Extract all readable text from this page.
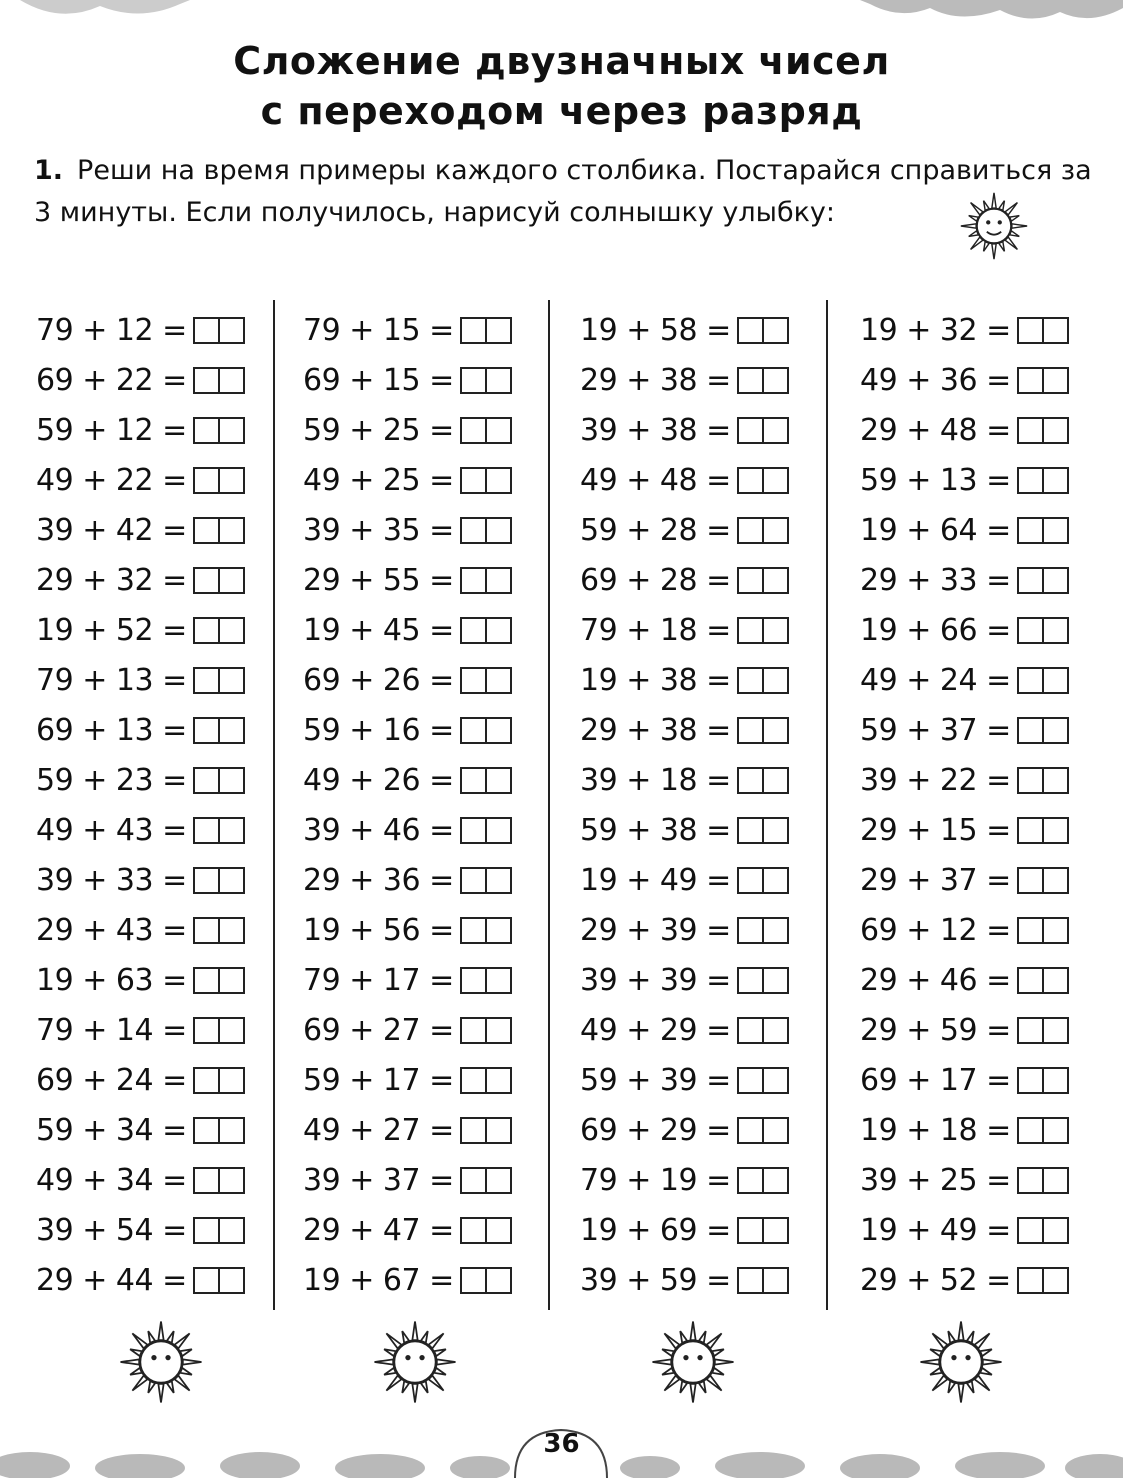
Сложение двузначных чисел
с переходом через разряд
1. Реши на время примеры каждого столбика. Постарайся справиться за 3 минуты. Если получилось, нарисуй солнышку улыбку:
79 + 12 =
69 + 22 =
59 + 12 =
49 + 22 =
39 + 42 =
29 + 32 =
19 + 52 =
79 + 13 =
69 + 13 =
59 + 23 =
49 + 43 =
39 + 33 =
29 + 43 =
19 + 63 =
79 + 14 =
69 + 24 =
59 + 34 =
49 + 34 =
39 + 54 =
29 + 44 =
79 + 15 =
69 + 15 =
59 + 25 =
49 + 25 =
39 + 35 =
29 + 55 =
19 + 45 =
69 + 26 =
59 + 16 =
49 + 26 =
39 + 46 =
29 + 36 =
19 + 56 =
79 + 17 =
69 + 27 =
59 + 17 =
49 + 27 =
39 + 37 =
29 + 47 =
19 + 67 =
19 + 58 =
29 + 38 =
39 + 38 =
49 + 48 =
59 + 28 =
69 + 28 =
79 + 18 =
19 + 38 =
29 + 38 =
39 + 18 =
59 + 38 =
19 + 49 =
29 + 39 =
39 + 39 =
49 + 29 =
59 + 39 =
69 + 29 =
79 + 19 =
19 + 69 =
39 + 59 =
19 + 32 =
49 + 36 =
29 + 48 =
59 + 13 =
19 + 64 =
29 + 33 =
19 + 66 =
49 + 24 =
59 + 37 =
39 + 22 =
29 + 15 =
29 + 37 =
69 + 12 =
29 + 46 =
29 + 59 =
69 + 17 =
19 + 18 =
39 + 25 =
19 + 49 =
29 + 52 =
36
